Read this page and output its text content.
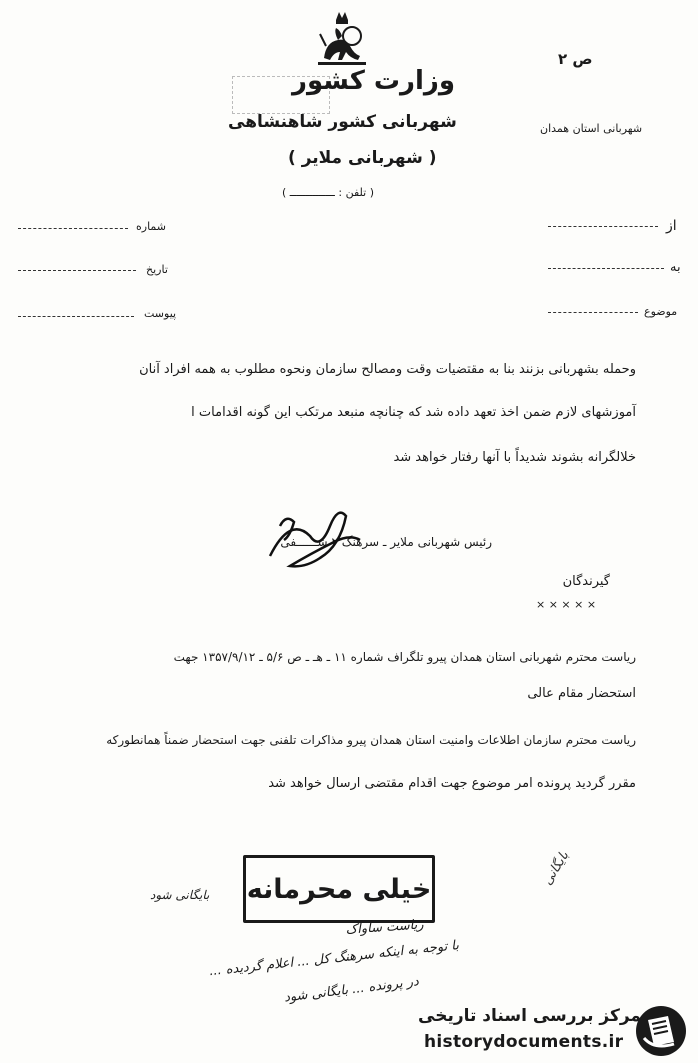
وزارت کشور
شهربانی کشور شاهنشاهی
( شهربانی ملایر )
( تلفن : ــــــــــــــ )
ص ۲
شهربانی استان همدان
شماره
تاریخ
پیوست
از
به
موضوع
وحمله بشهربانی بزنند بنا به مقتضیات وقت ومصالح سازمان ونحوه مطلوب به همه افراد آنان
آموزشهای لازم ضمن اخذ تعهد داده شد که چنانچه منبعد مرتکب این گونه اقدامات ا
خلالگرانه بشوند شدیداً با آنها رفتار خواهد شد
رئیس شهربانی ملایر ـ سرهنگ ۲ شــــــفی
گیرندگان
× × × × ×
ریاست محترم شهربانی استان همدان پیرو تلگراف شماره ۱۱ ـ هـ ـ ص ۵/۶ ـ ۱۳۵۷/۹/۱۲ جهت
استحضار مقام عالی
ریاست محترم سازمان اطلاعات وامنیت استان همدان پیرو مذاکرات تلفنی جهت استحضار ضمناً همانطورکه
مقرر گردید پرونده امر موضوع جهت اقدام مقتضی ارسال خواهد شد
خیلی محرمانه
بایگانی
بایگانی شود
ریاست ساواک
با توجه به اینکه سرهنگ کل ... اعلام گردیده ...
در پرونده ... بایگانی شود
مرکز بررسی اسناد تاریخی
historydocuments.ir
